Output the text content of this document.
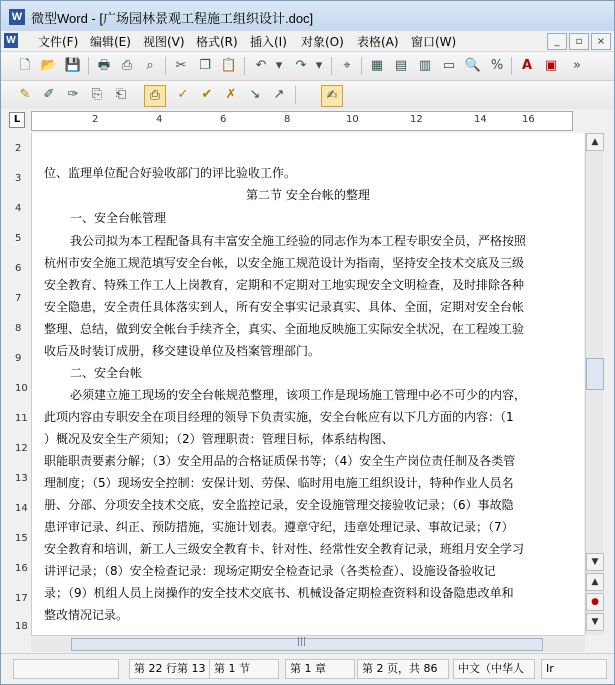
W 微型Word - [广场园林景观工程施工组织设计.doc]
W 文件(F) 编辑(E) 视图(V) 格式(R) 插入(I) 对象(O) 表格(A) 窗口(W)	_	▫	×
🗋 📂 💾 🖶 ⎙	⌕	✂ ❐ 📋	↶ ▾	↷ ▾	⌖	▦ ▤ ▥ ▭ 🔍 %	A ▣	»
✎	✐	✑	⎘	⎗	⎙	✓	✔	✗	↘	↗	✍
L	2	4	6	8	10	12	14	16
2
3
4
5
6
7
8
9
10
11
12
13
14
15
16
17
18
位、监理单位配合好验收部门的评比验收工作。
第二节 安全台帐的整理
一、安全台帐管理
我公司拟为本工程配备具有丰富安全施工经验的同志作为本工程专职安全员，严格按照
杭州市安全施工规范填写安全台帐，以安全施工规范设计为指南，坚持安全技术交底及三级
安全教育、特殊工作工人上岗教育，定期和不定期对工地实现安全文明检查，及时排除各种
安全隐患，安全责任具体落实到人，所有安全事实记录真实、具体、全面，定期对安全台帐
整理、总结，做到安全帐台手续齐全，真实、全面地反映施工实际安全状况，在工程竣工验
收后及时装订成册，移交建设单位及档案管理部门。
二、安全台帐
必须建立施工现场的安全台帐规范整理，该项工作是现场施工管理中必不可少的内容，
此项内容由专职安全在项目经理的领导下负责实施，安全台帐应有以下几方面的内容：（1
）概况及安全生产须知；（2）管理职责：管理目标，体系结构图、
职能职责要素分解；（3）安全用品的合格证质保书等；（4）安全生产岗位责任制及各类管
理制度；（5）现场安全控制：安保计划、劳保、临时用电施工组织设计，特种作业人员名
册、分部、分项安全技术交底，安全监控记录，安全设施管理交接验收记录；（6）事故隐
患评审记录、纠正、预防措施，实施计划表。遵章守纪，违章处理记录、事故记录；（7）
安全教育和培训，新工人三级安全教育卡、针对性、经常性安全教育记录，班组月安全学习
讲评记录；（8）安全检查记录：现场定期安全检查记录（各类检查）、设施设备验收记
录；（9）机组人员上岗操作的安全技术交底书、机械设备定期检查资料和设备隐患改单和
整改情况记录。
▲
▼
▲
●
▼
|||
第 22 行第 13 第 1 节	第 1 章	第 2 页，共 86	中文（中华人	Ir
